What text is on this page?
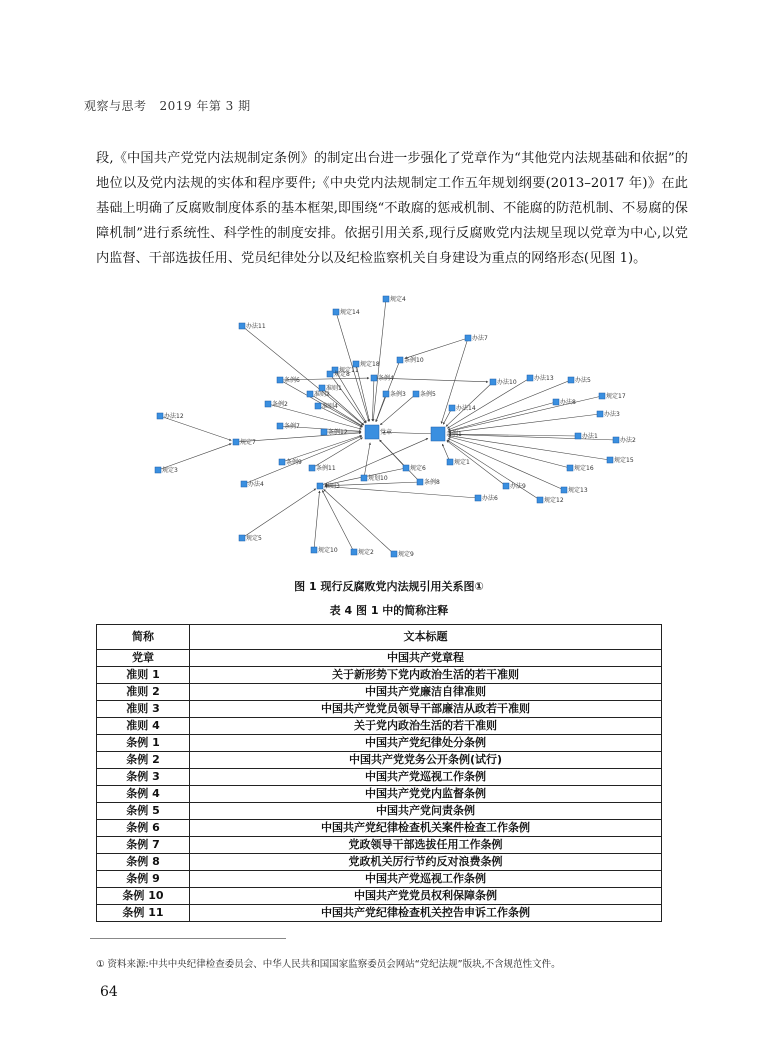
观察与思考 2019 年第 3 期

段,《中国共产党党内法规制定条例》的制定出台进一步强化了党章作为“其他党内法规基础和依据”的地位以及党内法规的实体和程序要件;《中央党内法规制定工作五年规划纲要(2013–2017 年)》在此基础上明确了反腐败制度体系的基本框架,即围绕“不敢腐的惩戒机制、不能腐的防范机制、不易腐的保障机制”进行系统性、科学性的制度安排。依据引用关系,现行反腐败党内法规呈现以党章为中心,以党内监督、干部选拔任用、党员纪律处分以及纪检监察机关自身建设为重点的网络形态(见图 1)。

党章	条例1
规定4
规定14
办法11
条例10
办法7
规定11
规定8
条例6	条例4
准则1
办法10
办法13	办法5
规定17
办法12
条例2	准则4
准则2	条例5
办法14
办法8
办法3
条例7
条例12
条例3
办法1
办法2
规定7
规定3
条例9
条例11
规划10
规定6
规定1
规定16
规定15
办法4	准则3
条例8
办法6
规定5
办法9
规定13
规定12
规定10	规定2	规定9
规定18
图 1 现行反腐败党内法规引用关系图①
表 4 图 1 中的简称注释
简称	文本标题
党章	中国共产党章程
准则 1	关于新形势下党内政治生活的若干准则
准则 2	中国共产党廉洁自律准则
准则 3	中国共产党党员领导干部廉洁从政若干准则
准则 4	关于党内政治生活的若干准则
条例 1	中国共产党纪律处分条例
条例 2	中国共产党党务公开条例(试行)
条例 3	中国共产党巡视工作条例
条例 4	中国共产党党内监督条例
条例 5	中国共产党问责条例
条例 6	中国共产党纪律检查机关案件检查工作条例
条例 7	党政领导干部选拔任用工作条例
条例 8	党政机关厉行节约反对浪费条例
条例 9	中国共产党巡视工作条例
条例 10	中国共产党党员权利保障条例
条例 11	中国共产党纪律检查机关控告申诉工作条例
① 资料来源:中共中央纪律检查委员会、中华人民共和国国家监察委员会网站“党纪法规”版块,不含规范性文件。
64
